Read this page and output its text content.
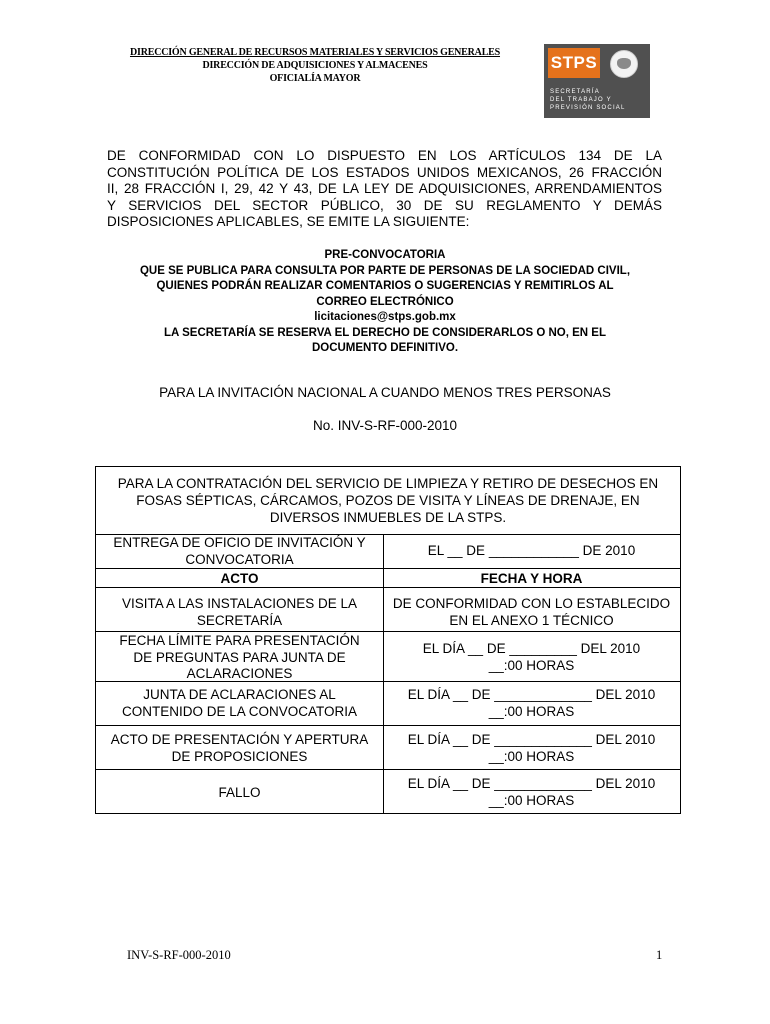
DIRECCIÓN GENERAL DE RECURSOS MATERIALES Y SERVICIOS GENERALES
DIRECCIÓN DE ADQUISICIONES Y ALMACENES
OFICIALÍA MAYOR
STPS
SECRETARÍA
DEL TRABAJO Y
PREVISIÓN SOCIAL
DE CONFORMIDAD CON LO DISPUESTO EN LOS ARTÍCULOS 134 DE LA
CONSTITUCIÓN POLÍTICA DE LOS ESTADOS UNIDOS MEXICANOS, 26 FRACCIÓN
II, 28 FRACCIÓN I, 29, 42 Y 43, DE LA LEY DE ADQUISICIONES, ARRENDAMIENTOS
Y SERVICIOS DEL SECTOR PÚBLICO, 30 DE SU REGLAMENTO Y DEMÁS
DISPOSICIONES APLICABLES, SE EMITE LA SIGUIENTE:
PRE-CONVOCATORIA
QUE SE PUBLICA PARA CONSULTA POR PARTE DE PERSONAS DE LA SOCIEDAD CIVIL,
QUIENES PODRÁN REALIZAR COMENTARIOS O SUGERENCIAS Y REMITIRLOS AL
CORREO ELECTRÓNICO
licitaciones@stps.gob.mx
LA SECRETARÍA SE RESERVA EL DERECHO DE CONSIDERARLOS O NO, EN EL
DOCUMENTO DEFINITIVO.
PARA LA INVITACIÓN NACIONAL A CUANDO MENOS TRES PERSONAS
No. INV-S-RF-000-2010
PARA LA CONTRATACIÓN DEL SERVICIO DE LIMPIEZA Y RETIRO DE DESECHOS EN
FOSAS SÉPTICAS, CÁRCAMOS, POZOS DE VISITA Y LÍNEAS DE DRENAJE, EN
DIVERSOS INMUEBLES DE LA STPS.
ENTREGA DE OFICIO DE INVITACIÓN Y
CONVOCATORIA
EL __ DE ____________ DE 2010
ACTO	FECHA Y HORA
VISITA A LAS INSTALACIONES DE LA
SECRETARÍA
DE CONFORMIDAD CON LO ESTABLECIDO
EN EL ANEXO 1 TÉCNICO
FECHA LÍMITE PARA PRESENTACIÓN
DE PREGUNTAS PARA JUNTA DE
ACLARACIONES
EL DÍA __ DE _________ DEL 2010
__:00 HORAS
JUNTA DE ACLARACIONES AL
CONTENIDO DE LA CONVOCATORIA
EL DÍA __ DE _____________ DEL 2010
__:00 HORAS
ACTO DE PRESENTACIÓN Y APERTURA
DE PROPOSICIONES
EL DÍA __ DE _____________ DEL 2010
__:00 HORAS
FALLO
EL DÍA __ DE _____________ DEL 2010
__:00 HORAS
INV-S-RF-000-2010	1
